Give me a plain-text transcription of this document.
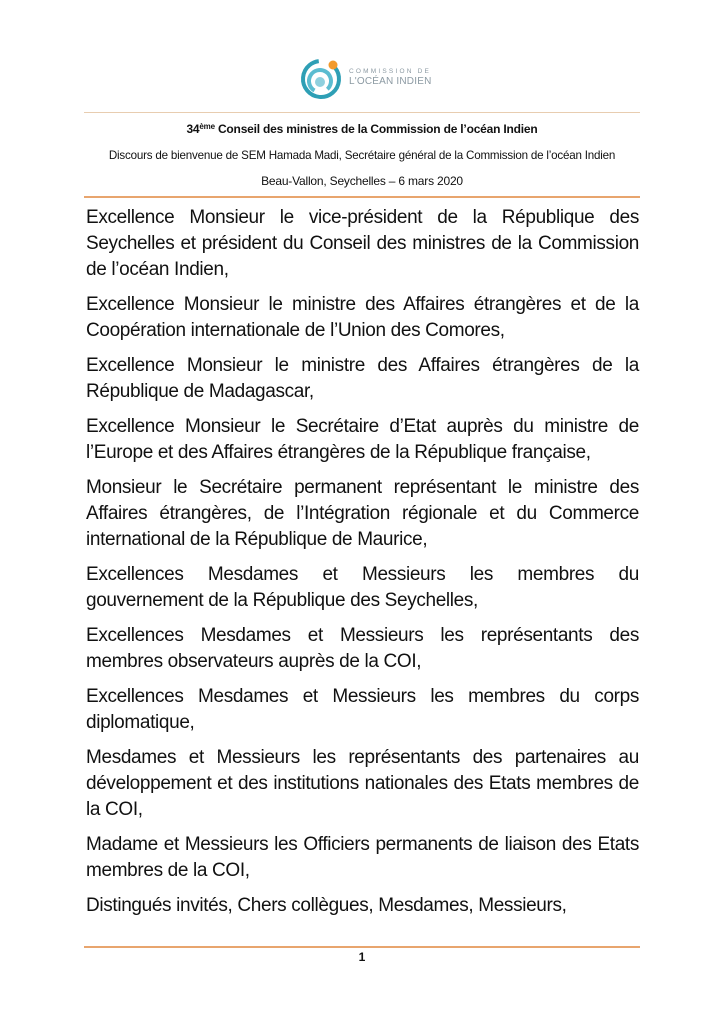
COMMISSION DE
L'OCÉAN INDIEN
34ème Conseil des ministres de la Commission de l’océan Indien
Discours de bienvenue de SEM Hamada Madi, Secrétaire général de la Commission de l’océan Indien
Beau-Vallon, Seychelles – 6 mars 2020

Excellence Monsieur le vice-président de la République des Seychelles et président du Conseil des ministres de la Commission de l’océan Indien,

Excellence Monsieur le ministre des Affaires étrangères et de la Coopération internationale de l’Union des Comores,

Excellence Monsieur le ministre des Affaires étrangères de la République de Madagascar,

Excellence Monsieur le Secrétaire d’Etat auprès du ministre de l’Europe et des Affaires étrangères de la République française,

Monsieur le Secrétaire permanent représentant le ministre des Affaires étrangères, de l’Intégration régionale et du Commerce international de la République de Maurice,

Excellences Mesdames et Messieurs les membres du gouvernement de la République des Seychelles,

Excellences Mesdames et Messieurs les représentants des membres observateurs auprès de la COI,

Excellences Mesdames et Messieurs les membres du corps diplomatique,

Mesdames et Messieurs les représentants des partenaires au développement et des institutions nationales des Etats membres de la COI,

Madame et Messieurs les Officiers permanents de liaison des Etats membres de la COI,

Distingués invités, Chers collègues, Mesdames, Messieurs,

1
